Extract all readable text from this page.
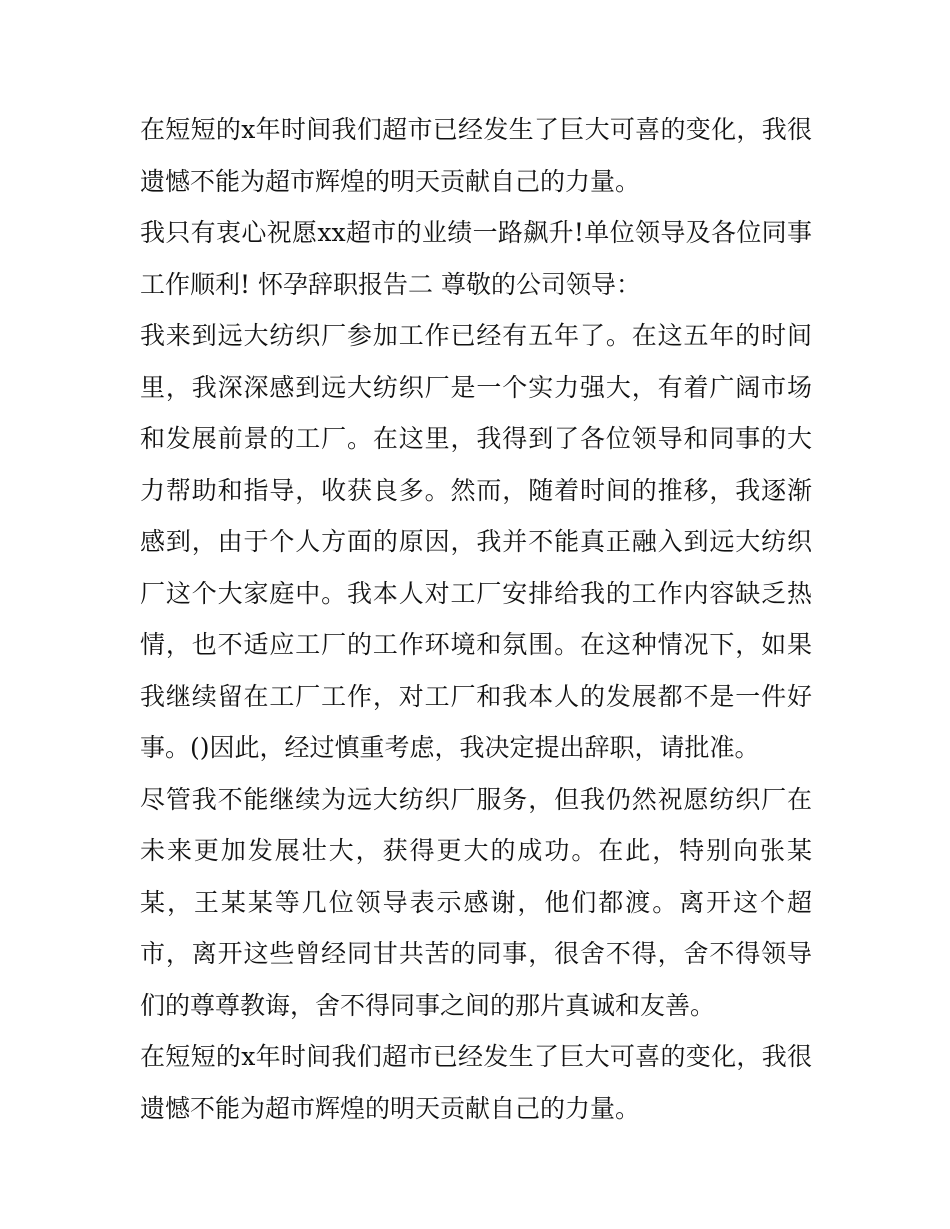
在短短的x年时间我们超市已经发生了巨大可喜的变化，我很遗憾不能为超市辉煌的明天贡献自己的力量。

我只有衷心祝愿xx超市的业绩一路飙升!单位领导及各位同事工作顺利! 怀孕辞职报告二 尊敬的公司领导：

我来到远大纺织厂参加工作已经有五年了。在这五年的时间里，我深深感到远大纺织厂是一个实力强大，有着广阔市场和发展前景的工厂。在这里，我得到了各位领导和同事的大力帮助和指导，收获良多。然而，随着时间的推移，我逐渐感到，由于个人方面的原因，我并不能真正融入到远大纺织厂这个大家庭中。我本人对工厂安排给我的工作内容缺乏热情，也不适应工厂的工作环境和氛围。在这种情况下，如果我继续留在工厂工作，对工厂和我本人的发展都不是一件好事。()因此，经过慎重考虑，我决定提出辞职，请批准。

尽管我不能继续为远大纺织厂服务，但我仍然祝愿纺织厂在未来更加发展壮大，获得更大的成功。在此，特别向张某某，王某某等几位领导表示感谢，他们都渡。离开这个超市，离开这些曾经同甘共苦的同事，很舍不得，舍不得领导们的尊尊教诲，舍不得同事之间的那片真诚和友善。

在短短的x年时间我们超市已经发生了巨大可喜的变化，我很遗憾不能为超市辉煌的明天贡献自己的力量。
